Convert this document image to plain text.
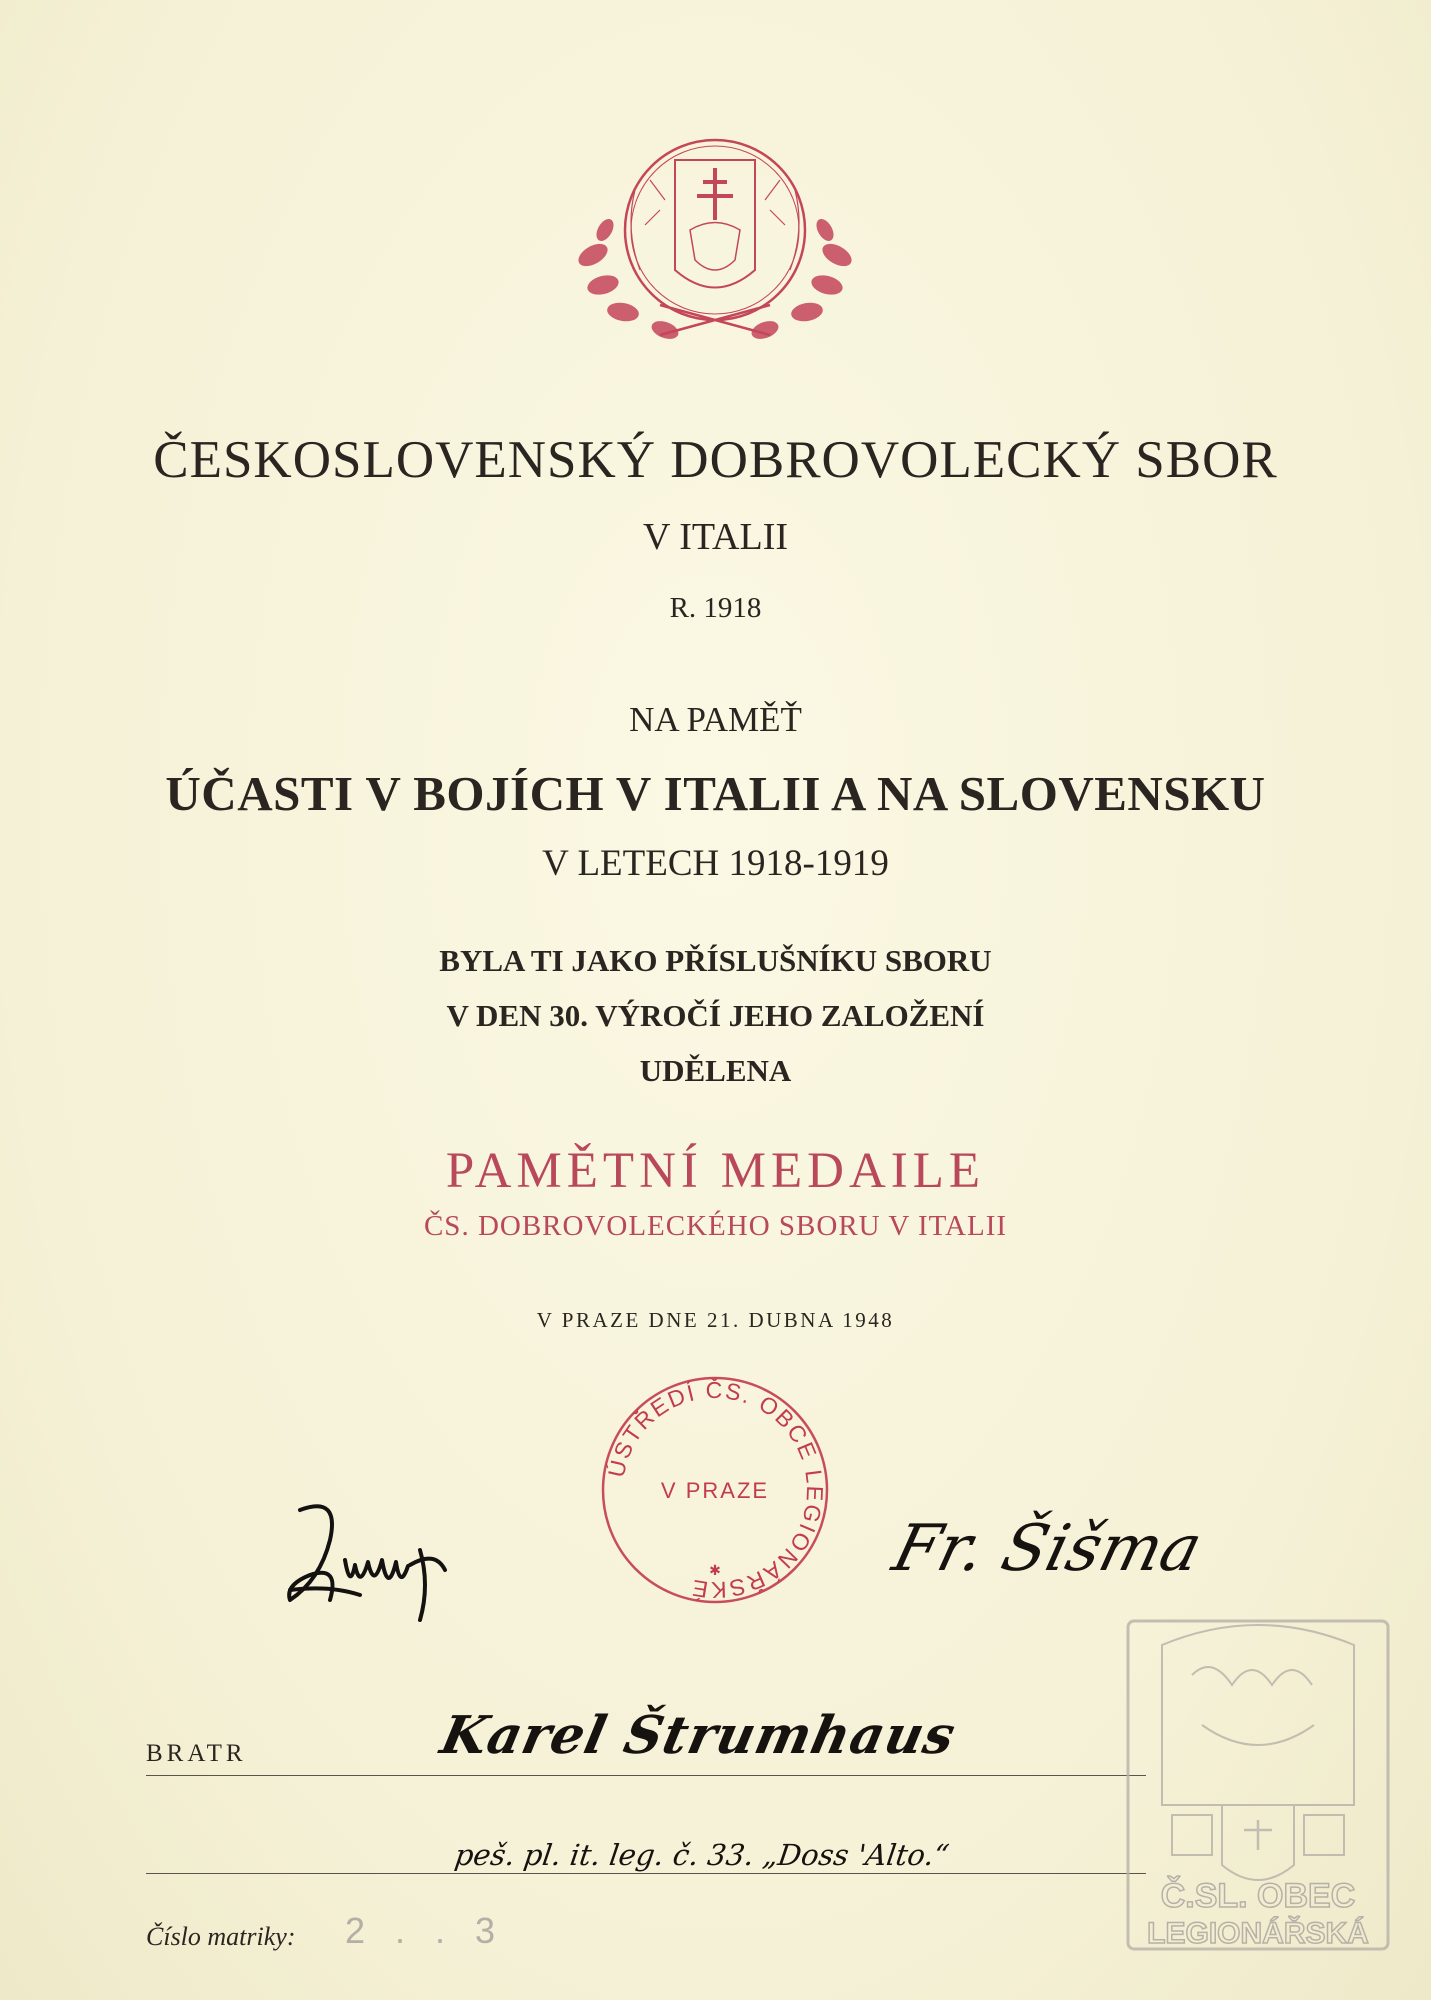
ČESKOSLOVENSKÝ DOBROVOLECKÝ SBOR
V ITALII
R. 1918
NA PAMĚŤ
ÚČASTI V BOJÍCH V ITALII A NA SLOVENSKU
V LETECH 1918-1919
BYLA TI JAKO PŘÍSLUŠNÍKU SBORU
V DEN 30. VÝROČÍ JEHO ZALOŽENÍ
UDĚLENA
PAMĚTNÍ MEDAILE
ČS. DOBROVOLECKÉHO SBORU V ITALII
V PRAZE DNE 21. DUBNA 1948
ÚSTŘEDÍ ČS. OBCE LEGIONÁŘSKÉ
V PRAZE
✱	Fr. Šišma
BRATR	Karel Štrumhaus
peš. pl. it. leg. č. 33. „Doss 'Alto.“
Číslo matriky: 2 . . 3
Č.SL. OBEC
LEGIONÁŘSKÁ
